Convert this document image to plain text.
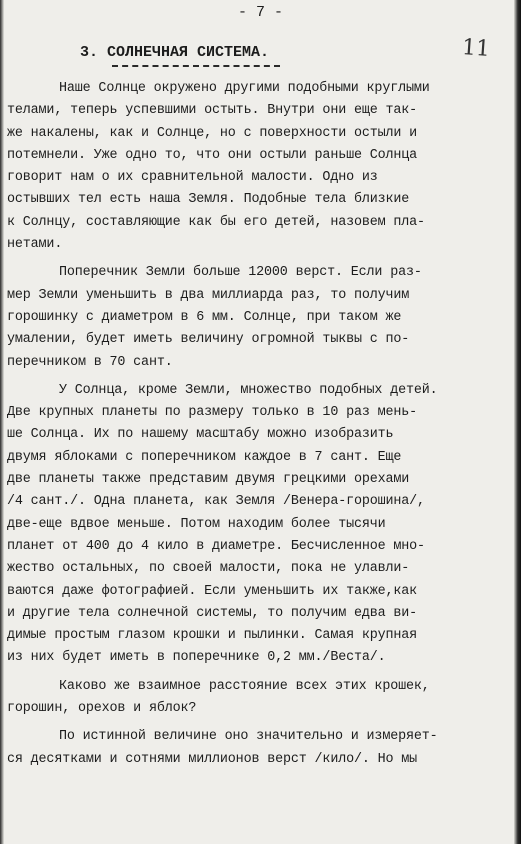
- 7 -
3. СОЛНЕЧНАЯ СИСТЕМА.	11

Наше Солнце окружено другими подобными круглыми
телами, теперь успевшими остыть. Внутри они еще так-
же накалены, как и Солнце, но с поверхности остыли и
потемнели. Уже одно то, что они остыли раньше Солнца
говорит нам о их сравнительной малости. Одно из
остывших тел есть наша Земля. Подобные тела близкие
к Солнцу, составляющие как бы его детей, назовем пла-
нетами.

Поперечник Земли больше 12000 верст. Если раз-
мер Земли уменьшить в два миллиарда раз, то получим
горошинку с диаметром в 6 мм. Солнце, при таком же
умалении, будет иметь величину огромной тыквы с по-
перечником в 70 сант.

У Солнца, кроме Земли, множество подобных детей.
Две крупных планеты по размеру только в 10 раз мень-
ше Солнца. Их по нашему масштабу можно изобразить
двумя яблоками с поперечником каждое в 7 сант. Еще
две планеты также представим двумя грецкими орехами
/4 сант./. Одна планета, как Земля /Венера-горошина/,
две-еще вдвое меньше. Потом находим более тысячи
планет от 400 до 4 кило в диаметре. Бесчисленное мно-
жество остальных, по своей малости, пока не улавли-
ваются даже фотографией. Если уменьшить их также,как
и другие тела солнечной системы, то получим едва ви-
димые простым глазом крошки и пылинки. Самая крупная
из них будет иметь в поперечнике 0,2 мм./Веста/.

Каково же взаимное расстояние всех этих крошек,
горошин, орехов и яблок?

По истинной величине оно значительно и измеряет-
ся десятками и сотнями миллионов верст /кило/. Но мы
